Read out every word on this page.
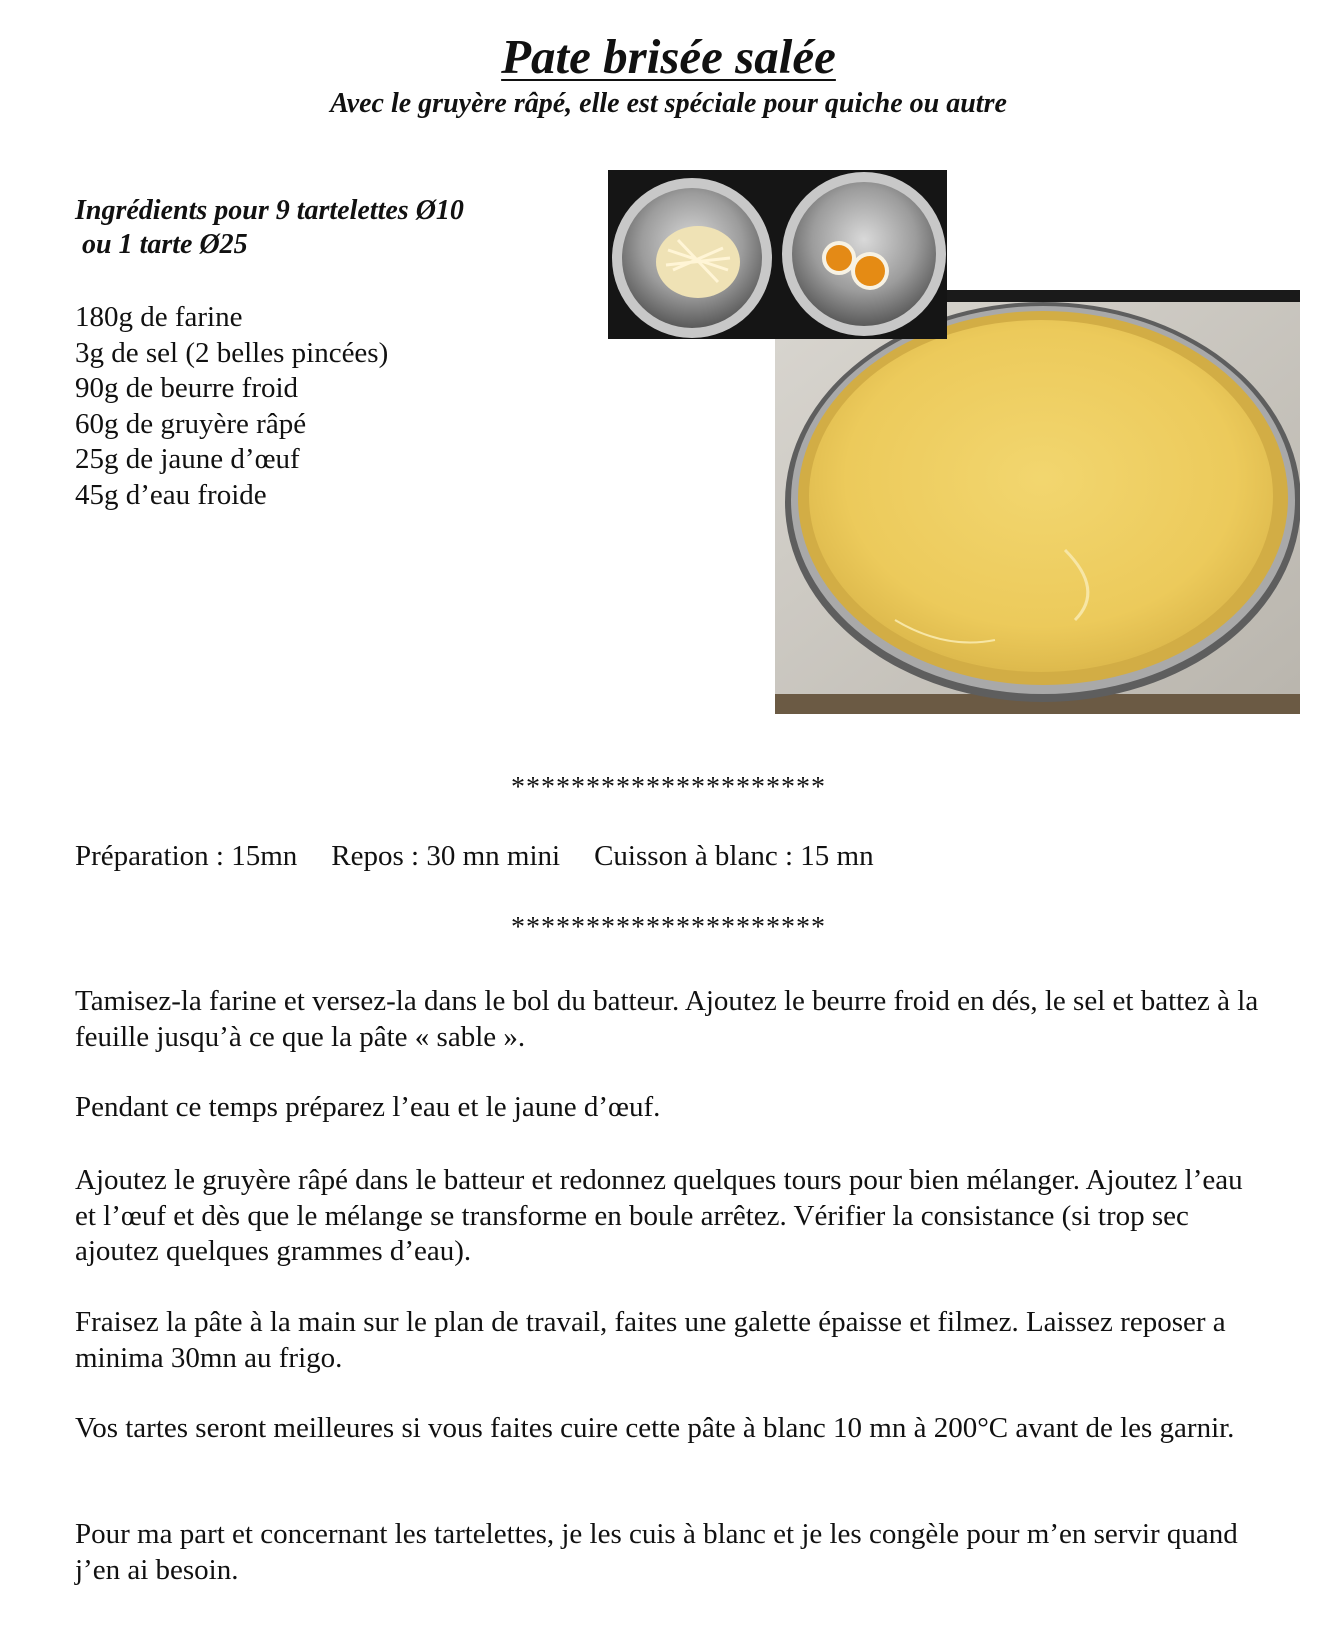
Pate brisée salée
Avec le gruyère râpé, elle est spéciale pour quiche ou autre
Ingrédients pour 9 tartelettes Ø10
ou 1 tarte Ø25
180g de farine
3g de sel (2 belles pincées)
90g de beurre froid
60g de gruyère râpé
25g de jaune d’œuf
45g d’eau froide

*********************

Préparation : 15mn Repos : 30 mn mini Cuisson à blanc : 15 mn

*********************

Tamisez-la farine et versez-la dans le bol du batteur. Ajoutez le beurre froid en dés, le sel et battez à la feuille jusqu’à ce que la pâte « sable ».

Pendant ce temps préparez l’eau et le jaune d’œuf.

Ajoutez le gruyère râpé dans le batteur et redonnez quelques tours pour bien mélanger. Ajoutez l’eau et l’œuf et dès que le mélange se transforme en boule arrêtez. Vérifier la consistance (si trop sec ajoutez quelques grammes d’eau).

Fraisez la pâte à la main sur le plan de travail, faites une galette épaisse et filmez. Laissez reposer a minima 30mn au frigo.

Vos tartes seront meilleures si vous faites cuire cette pâte à blanc 10 mn à 200°C avant de les garnir.

Pour ma part et concernant les tartelettes, je les cuis à blanc et je les congèle pour m’en servir quand j’en ai besoin.
